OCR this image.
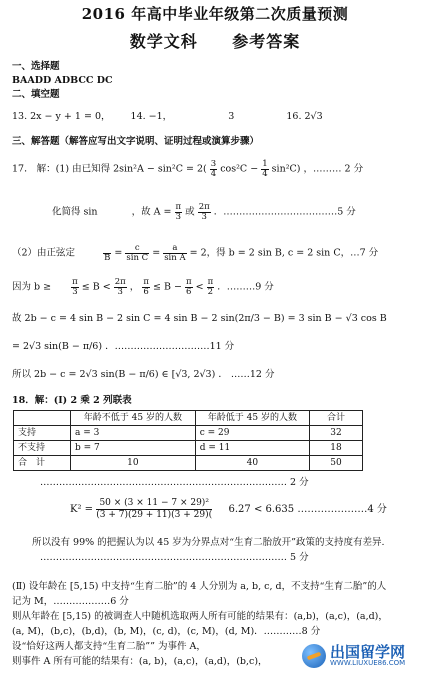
2016 年高中毕业年级第二次质量预测
数学文科 参考答案
一、选择题
BAADD ADBCC DC
二、填空题
13. 2x − y + 1 = 0， 14. −1，	3	16. 2√3
三、解答题（解答应写出文字说明、证明过程或演算步骤）
17． 解：(1) 由已知得 $2\sin^2A - \sin^2C = 2( \frac{3}{4} \cos^2C - \frac{1}{4} \sin^2C)$ ，……… 2 分
化简得 sin	，故 $A = \frac{\pi}{3}$ 或 $\frac{2\pi}{3}$ ．………………………………5 分
（2）由正弦定
	$B = \frac{c}{\text{sin C}} = \frac{a}{\text{sin A}} = 2$，得 b = 2 sin B, c = 2 sin C，…7 分
因为 $b \ge \frac{\pi}{3} \le B < \frac{2\pi}{3}$ ， $\frac{\pi}{6} \le B - \frac{\pi}{6} < \frac{\pi}{2}$ ．………9 分
故 2b − c = 4 sin B − 2 sin C = 4 sin B − 2 sin(2π/3 − B) = 3 sin B − √3 cos B
= 2√3 sin(B − π/6) ．…………………………11 分
所以 2b − c = 2√3 sin(B − π/6) ∈ [√3, 2√3) ． ……12 分
18．解：(Ⅰ) 2 乘 2 列联表
	年龄不低于 45 岁的人数	年龄低于 45 岁的人数	合计
支持	a = 3	c = 29	32
不支持	b = 7	d = 11	18
合　计	10	40	50
…………………………………………………………………… 2 分
$K^2 = \frac{\text{50 × (3 × 11 − 7 × 29)²}}{(3 + 7)(29 + 11)(3 + 29)(} 6.27 < 6.635$ …………………4 分
所以没有 99% 的把握认为以 45 岁为分界点对“生育二胎放开”政策的支持度有差异.
…………………………………………………………………… 5 分
(Ⅱ) 设年龄在 [5,15) 中支持“生育二胎”的 4 人分别为 a, b, c, d，不支持“生育二胎”的人
记为 M，………………6 分
则从年龄在 [5,15) 的被调查人中随机选取两人所有可能的结果有：(a,b)，(a,c)，(a,d)，
(a, M)，(b,c)，(b,d)，(b, M)，(c, d)，(c, M)，(d, M)．…………8 分
设“恰好这两人都支持“生育二胎”” 为事件 A，
则事件 A 所有可能的结果有：(a, b)，(a,c)，(a,d)，(b,c)，
出国留学网
WWW.LIUXUE86.COM
